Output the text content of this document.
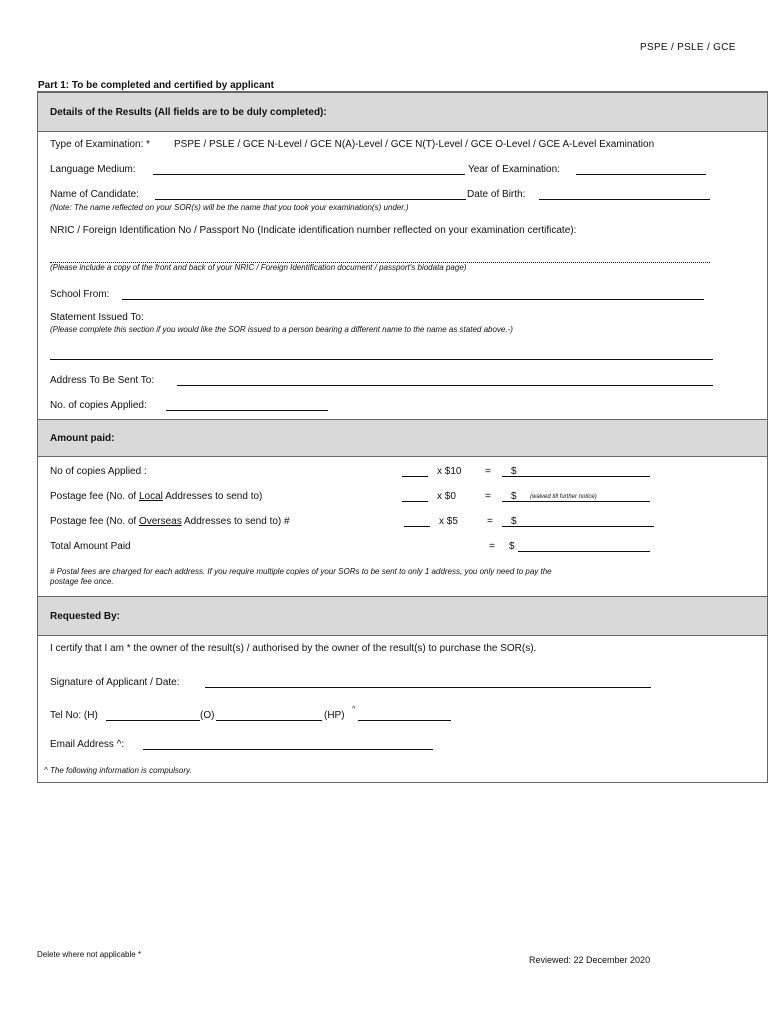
PSPE / PSLE / GCE
Part 1: To be completed and certified by applicant
Details of the Results (All fields are to be duly completed):
Type of Examination: * PSPE / PSLE / GCE N-Level / GCE N(A)-Level / GCE N(T)-Level / GCE O-Level / GCE A-Level Examination
Language Medium:	Year of Examination:
Name of Candidate:	Date of Birth:
(Note: The name reflected on your SOR(s) will be the name that you took your examination(s) under.)
NRIC / Foreign Identification No / Passport No (Indicate identification number reflected on your examination certificate):
(Please include a copy of the front and back of your NRIC / Foreign Identification document / passport's biodata page)
School From:
Statement Issued To:
(Please complete this section if you would like the SOR issued to a person bearing a different name to the name as stated above.-)
Address To Be Sent To:
No. of copies Applied:
Amount paid:
No of copies Applied :	x $10 = $
Postage fee (No. of Local Addresses to send to)	x $0	= $ (waived till further notice)
Postage fee (No. of Overseas Addresses to send to) #	x $5	= $
Total Amount Paid	= $
# Postal fees are charged for each address. If you require multiple copies of your SORs to be sent to only 1 address, you only need to pay the
postage fee once.
Requested By:
I certify that I am * the owner of the result(s) / authorised by the owner of the result(s) to purchase the SOR(s).
Signature of Applicant / Date:
Tel No: (H)	(O)	(HP)
^
Email Address ^:
^ The following information is compulsory.
Delete where not applicable *
Reviewed: 22 December 2020
